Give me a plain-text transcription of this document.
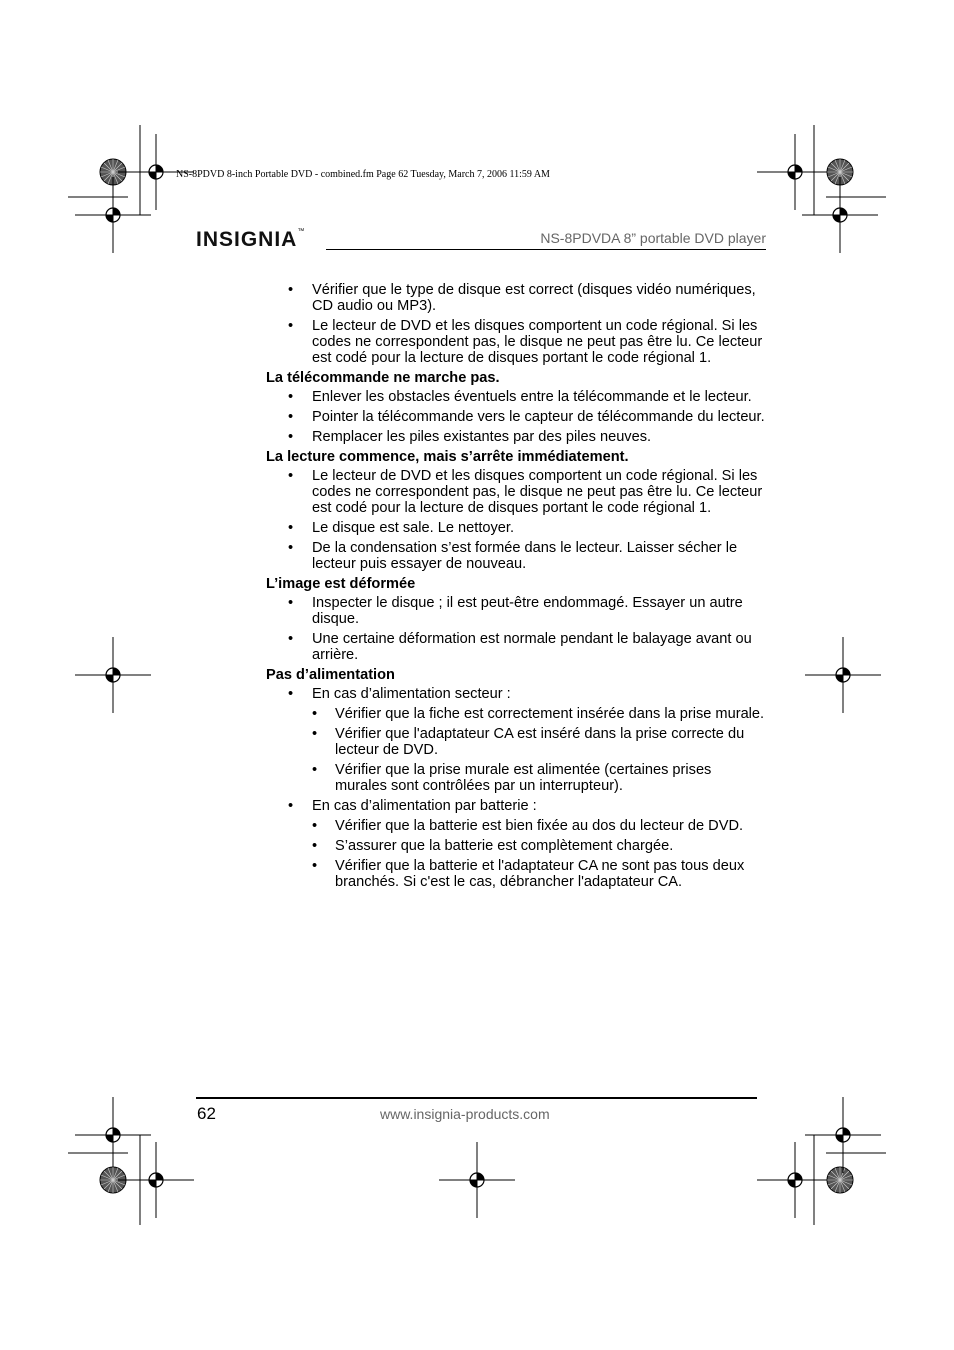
NS-8PDVD 8-inch Portable DVD - combined.fm Page 62 Tuesday, March 7, 2006 11:59 AM
INSIGNIA™	NS-8PDVDA 8” portable DVD player
• Vérifier que le type de disque est correct (disques vidéo numériques, CD audio ou MP3).
• Le lecteur de DVD et les disques comportent un code régional. Si les codes ne correspondent pas, le disque ne peut pas être lu. Ce lecteur est codé pour la lecture de disques portant le code régional 1.
La télécommande ne marche pas.
• Enlever les obstacles éventuels entre la télécommande et le lecteur.
• Pointer la télécommande vers le capteur de télécommande du lecteur.
• Remplacer les piles existantes par des piles neuves.
La lecture commence, mais s’arrête immédiatement.
• Le lecteur de DVD et les disques comportent un code régional. Si les codes ne correspondent pas, le disque ne peut pas être lu. Ce lecteur est codé pour la lecture de disques portant le code régional 1.
• Le disque est sale. Le nettoyer.
• De la condensation s’est formée dans le lecteur. Laisser sécher le lecteur puis essayer de nouveau.
L’image est déformée
• Inspecter le disque ; il est peut-être endommagé. Essayer un autre disque.
• Une certaine déformation est normale pendant le balayage avant ou arrière.
Pas d’alimentation
• En cas d’alimentation secteur :
• Vérifier que la fiche est correctement insérée dans la prise murale.
• Vérifier que l'adaptateur CA est inséré dans la prise correcte du lecteur de DVD.
• Vérifier que la prise murale est alimentée (certaines prises murales sont contrôlées par un interrupteur).
• En cas d’alimentation par batterie :
• Vérifier que la batterie est bien fixée au dos du lecteur de DVD.
• S’assurer que la batterie est complètement chargée.
• Vérifier que la batterie et l'adaptateur CA ne sont pas tous deux branchés. Si c'est le cas, débrancher l'adaptateur CA.
62	www.insignia-products.com
